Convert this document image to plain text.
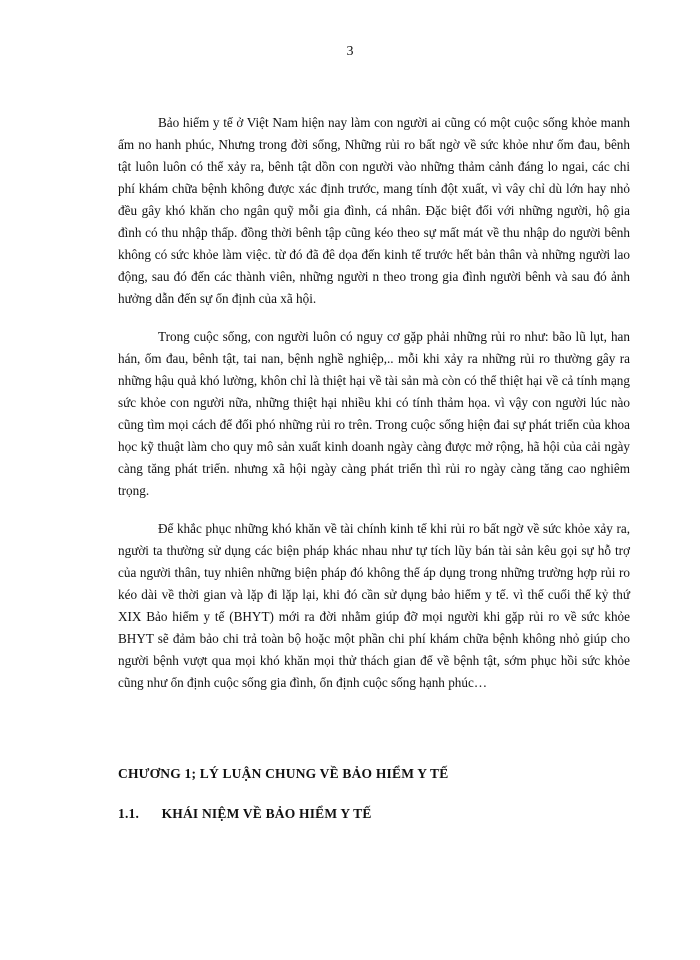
3

Bảo hiểm y tế ở Việt Nam hiện nay làm con người ai cũng có một cuộc sống khỏe manh ấm no hanh phúc, Nhưng trong đời sống, Những rủi ro bất ngờ về sức khỏe như ốm đau, bênh tật luôn luôn có thể xảy ra, bênh tật dồn con người vào những thảm cảnh đáng lo ngai, các chi phí khám chữa bệnh không được xác định trước, mang tính đột xuất, vì vây chỉ dù lớn hay nhỏ đều gây khó khăn cho ngân quỹ mỗi gia đình, cá nhân. Đặc biệt đối với những người, hộ gia đình có thu nhập thấp. đồng thời bênh tập cũng kéo theo sự mất mát về thu nhập do người bênh không có sức khỏe làm việc. từ đó đã đê dọa đến kinh tế trước hết bản thân và những người lao động, sau đó đến các thành viên, những người n theo trong gia đình người bênh và sau đó ảnh hưởng dẫn đến sự ổn định của xã hội.

Trong cuộc sống, con người luôn có nguy cơ gặp phải những rủi ro như: bão lũ lụt, han hán, ốm đau, bênh tật, tai nan, bệnh nghề nghiệp,.. mỗi khi xảy ra những rủi ro thường gây ra những hậu quả khó lường, khôn chỉ là thiệt hại về tài sản mà còn có thể thiệt hại về cả tính mạng sức khỏe con người nữa, những thiệt hại nhiều khi có tính thảm họa. vì vậy con người lúc nào cũng tìm mọi cách để đối phó những rủi ro trên. Trong cuộc sống hiện đai sự phát triển của khoa học kỹ thuật làm cho quy mô sản xuất kinh doanh ngày càng được mở rộng, hã hội của cải ngày càng tăng phát triển. nhưng xã hội ngày càng phát triển thì rủi ro ngày càng tăng cao nghiêm trọng.

Để khắc phục những khó khăn về tài chính kinh tế khi rủi ro bất ngờ về sức khỏe xảy ra, người ta thường sử dụng các biện pháp khác nhau như tự tích lũy bán tài sản kêu gọi sự hỗ trợ của người thân, tuy nhiên những biện pháp đó không thể áp dụng trong những trường hợp rủi ro kéo dài về thời gian và lặp đi lặp lại, khi đó cần sử dụng bảo hiểm y tế. vì thế cuối thế kỷ thứ XIX Bảo hiểm y tế (BHYT) mới ra đời nhằm giúp đỡ mọi người khi gặp rủi ro về sức khỏe BHYT sẽ đảm bảo chi trả toàn bộ hoặc một phần chi phí khám chữa bệnh không nhỏ giúp cho người bệnh vượt qua mọi khó khăn mọi thử thách gian để về bệnh tật, sớm phục hồi sức khỏe cũng như ổn định cuộc sống gia đình, ổn định cuộc sống hạnh phúc…

CHƯƠNG 1; LÝ LUẬN CHUNG VỀ BẢO HIỂM Y TẾ
1.1. KHÁI NIỆM VỀ BẢO HIỂM Y TẾ
